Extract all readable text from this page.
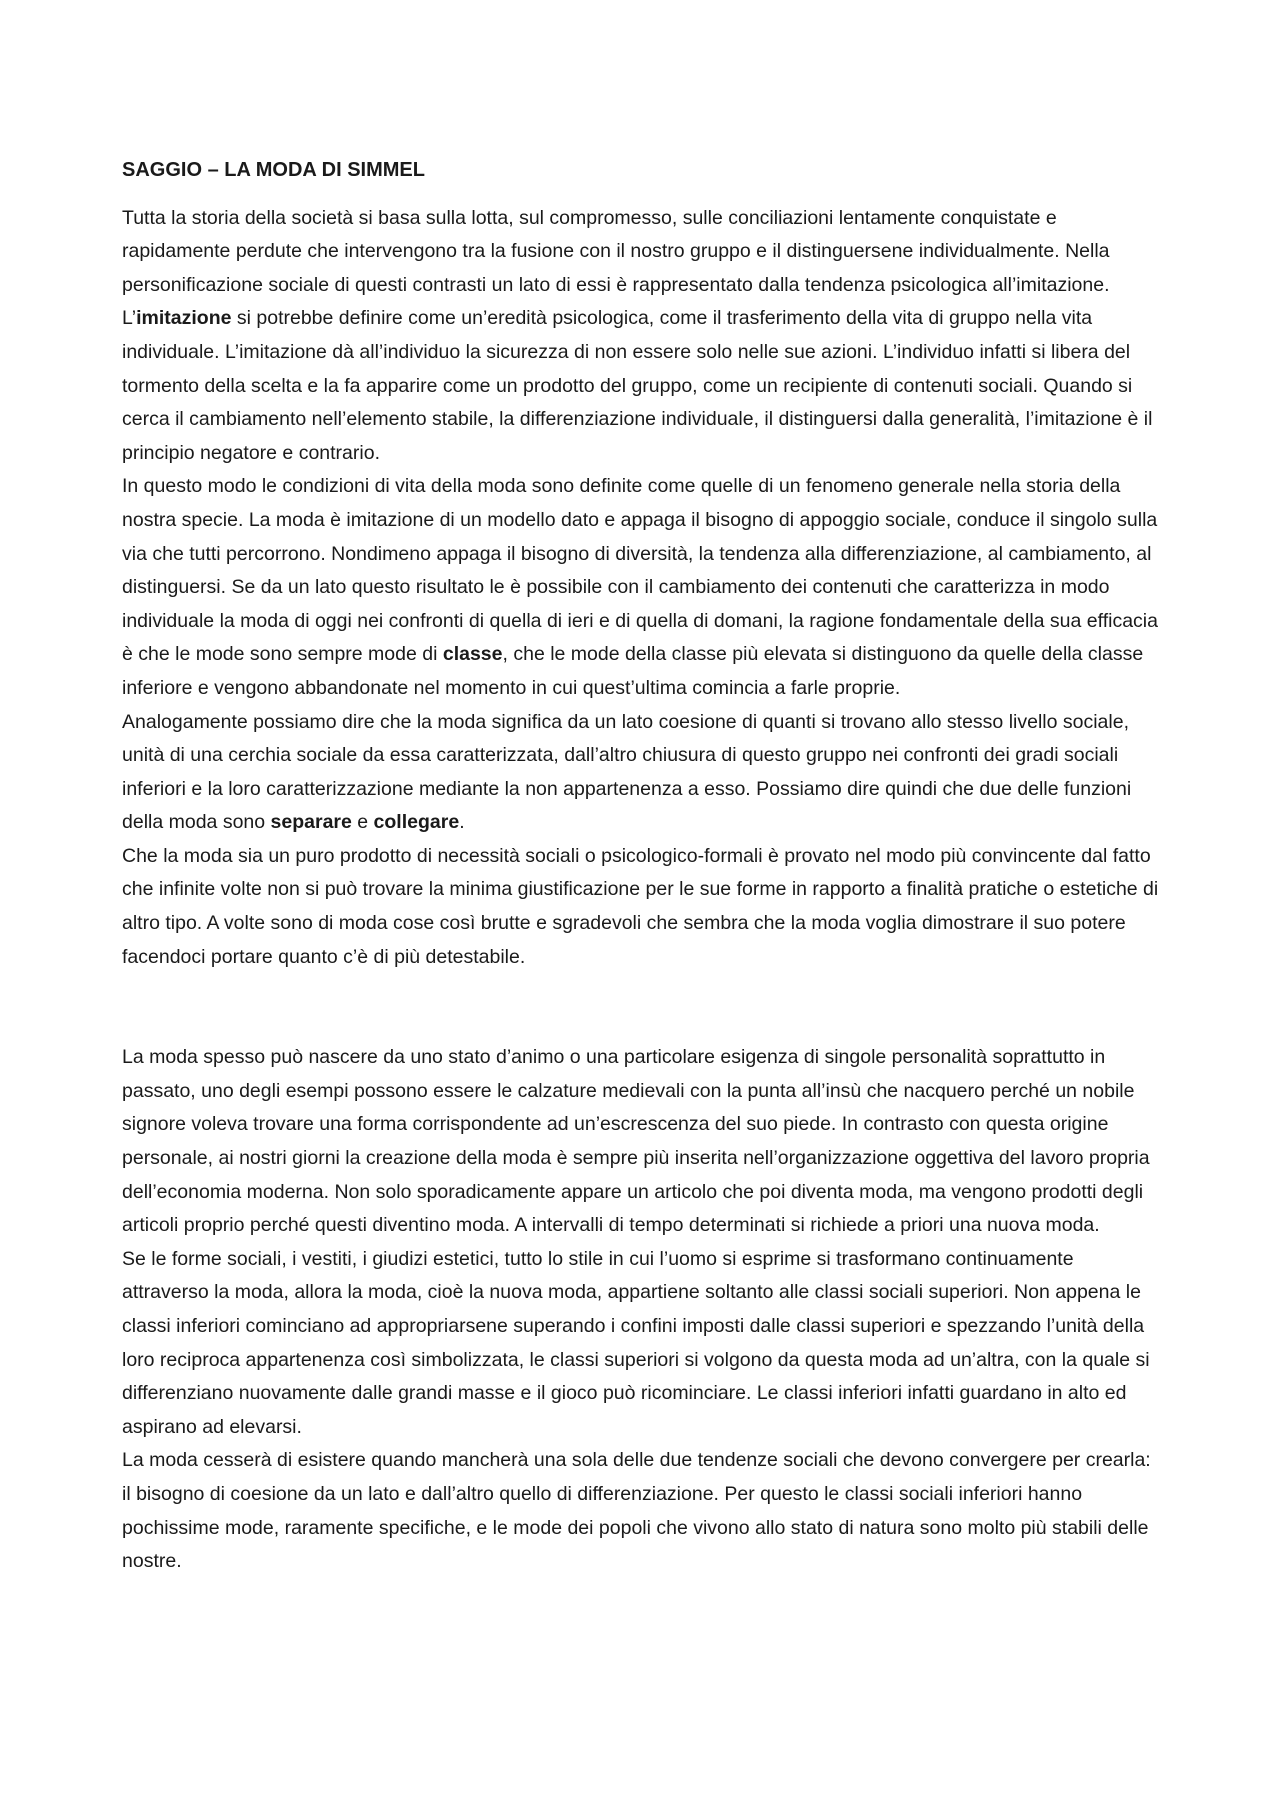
SAGGIO – LA MODA DI SIMMEL

Tutta la storia della società si basa sulla lotta, sul compromesso, sulle conciliazioni lentamente conquistate e rapidamente perdute che intervengono tra la fusione con il nostro gruppo e il distinguersene individualmente. Nella personificazione sociale di questi contrasti un lato di essi è rappresentato dalla tendenza psicologica all’imitazione. L’imitazione si potrebbe definire come un’eredità psicologica, come il trasferimento della vita di gruppo nella vita individuale. L’imitazione dà all’individuo la sicurezza di non essere solo nelle sue azioni. L’individuo infatti si libera del tormento della scelta e la fa apparire come un prodotto del gruppo, come un recipiente di contenuti sociali. Quando si cerca il cambiamento nell’elemento stabile, la differenziazione individuale, il distinguersi dalla generalità, l’imitazione è il principio negatore e contrario.

In questo modo le condizioni di vita della moda sono definite come quelle di un fenomeno generale nella storia della nostra specie. La moda è imitazione di un modello dato e appaga il bisogno di appoggio sociale, conduce il singolo sulla via che tutti percorrono. Nondimeno appaga il bisogno di diversità, la tendenza alla differenziazione, al cambiamento, al distinguersi. Se da un lato questo risultato le è possibile con il cambiamento dei contenuti che caratterizza in modo individuale la moda di oggi nei confronti di quella di ieri e di quella di domani, la ragione fondamentale della sua efficacia è che le mode sono sempre mode di classe, che le mode della classe più elevata si distinguono da quelle della classe inferiore e vengono abbandonate nel momento in cui quest’ultima comincia a farle proprie.

Analogamente possiamo dire che la moda significa da un lato coesione di quanti si trovano allo stesso livello sociale, unità di una cerchia sociale da essa caratterizzata, dall’altro chiusura di questo gruppo nei confronti dei gradi sociali inferiori e la loro caratterizzazione mediante la non appartenenza a esso. Possiamo dire quindi che due delle funzioni della moda sono separare e collegare.

Che la moda sia un puro prodotto di necessità sociali o psicologico-formali è provato nel modo più convincente dal fatto che infinite volte non si può trovare la minima giustificazione per le sue forme in rapporto a finalità pratiche o estetiche di altro tipo. A volte sono di moda cose così brutte e sgradevoli che sembra che la moda voglia dimostrare il suo potere facendoci portare quanto c’è di più detestabile.

La moda spesso può nascere da uno stato d’animo o una particolare esigenza di singole personalità soprattutto in passato, uno degli esempi possono essere le calzature medievali con la punta all’insù che nacquero perché un nobile signore voleva trovare una forma corrispondente ad un’escrescenza del suo piede. In contrasto con questa origine personale, ai nostri giorni la creazione della moda è sempre più inserita nell’organizzazione oggettiva del lavoro propria dell’economia moderna. Non solo sporadicamente appare un articolo che poi diventa moda, ma vengono prodotti degli articoli proprio perché questi diventino moda. A intervalli di tempo determinati si richiede a priori una nuova moda.

Se le forme sociali, i vestiti, i giudizi estetici, tutto lo stile in cui l’uomo si esprime si trasformano continuamente attraverso la moda, allora la moda, cioè la nuova moda, appartiene soltanto alle classi sociali superiori. Non appena le classi inferiori cominciano ad appropriarsene superando i confini imposti dalle classi superiori e spezzando l’unità della loro reciproca appartenenza così simbolizzata, le classi superiori si volgono da questa moda ad un’altra, con la quale si differenziano nuovamente dalle grandi masse e il gioco può ricominciare. Le classi inferiori infatti guardano in alto ed aspirano ad elevarsi.

La moda cesserà di esistere quando mancherà una sola delle due tendenze sociali che devono convergere per crearla: il bisogno di coesione da un lato e dall’altro quello di differenziazione. Per questo le classi sociali inferiori hanno pochissime mode, raramente specifiche, e le mode dei popoli che vivono allo stato di natura sono molto più stabili delle nostre.
